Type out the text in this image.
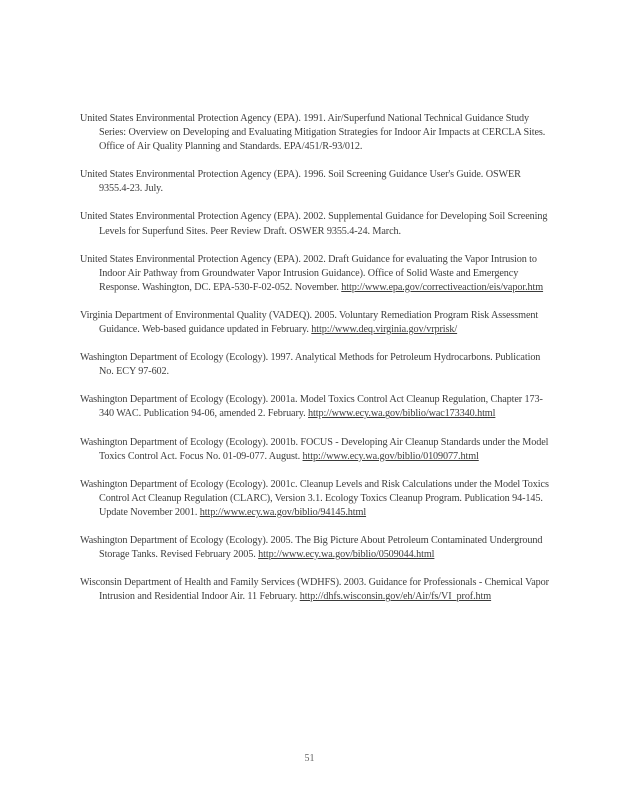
United States Environmental Protection Agency (EPA). 1991. Air/Superfund National Technical Guidance Study Series: Overview on Developing and Evaluating Mitigation Strategies for Indoor Air Impacts at CERCLA Sites. Office of Air Quality Planning and Standards. EPA/451/R-93/012.

United States Environmental Protection Agency (EPA). 1996. Soil Screening Guidance User's Guide. OSWER 9355.4-23. July.

United States Environmental Protection Agency (EPA). 2002. Supplemental Guidance for Developing Soil Screening Levels for Superfund Sites. Peer Review Draft. OSWER 9355.4-24. March.

United States Environmental Protection Agency (EPA). 2002. Draft Guidance for evaluating the Vapor Intrusion to Indoor Air Pathway from Groundwater Vapor Intrusion Guidance). Office of Solid Waste and Emergency Response. Washington, DC. EPA-530-F-02-052. November. http://www.epa.gov/correctiveaction/eis/vapor.htm

Virginia Department of Environmental Quality (VADEQ). 2005. Voluntary Remediation Program Risk Assessment Guidance. Web-based guidance updated in February. http://www.deq.virginia.gov/vrprisk/

Washington Department of Ecology (Ecology). 1997. Analytical Methods for Petroleum Hydrocarbons. Publication No. ECY 97-602.

Washington Department of Ecology (Ecology). 2001a. Model Toxics Control Act Cleanup Regulation, Chapter 173-340 WAC. Publication 94-06, amended 2. February. http://www.ecy.wa.gov/biblio/wac173340.html

Washington Department of Ecology (Ecology). 2001b. FOCUS - Developing Air Cleanup Standards under the Model Toxics Control Act. Focus No. 01-09-077. August. http://www.ecy.wa.gov/biblio/0109077.html

Washington Department of Ecology (Ecology). 2001c. Cleanup Levels and Risk Calculations under the Model Toxics Control Act Cleanup Regulation (CLARC), Version 3.1. Ecology Toxics Cleanup Program. Publication 94-145. Update November 2001. http://www.ecy.wa.gov/biblio/94145.html

Washington Department of Ecology (Ecology). 2005. The Big Picture About Petroleum Contaminated Underground Storage Tanks. Revised February 2005. http://www.ecy.wa.gov/biblio/0509044.html

Wisconsin Department of Health and Family Services (WDHFS). 2003. Guidance for Professionals - Chemical Vapor Intrusion and Residential Indoor Air. 11 February. http://dhfs.wisconsin.gov/eh/Air/fs/VI_prof.htm

51
